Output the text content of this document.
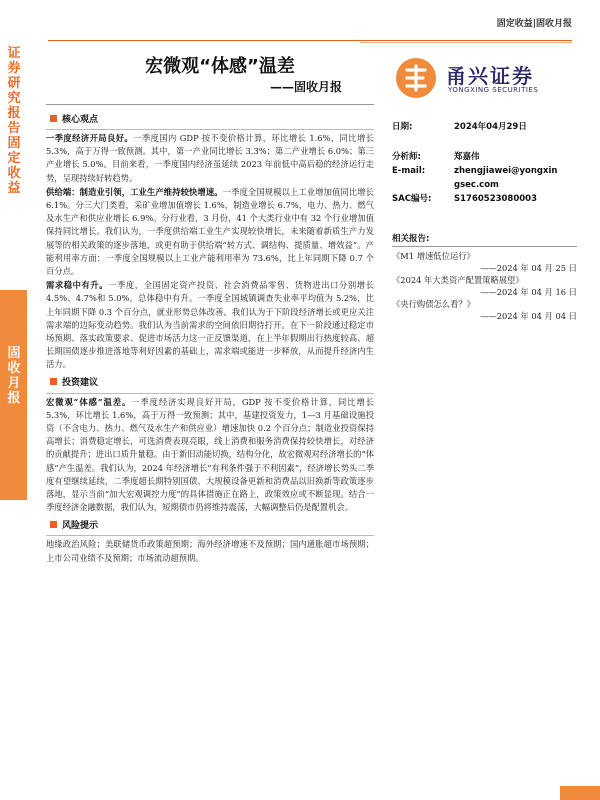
证券研究报告 固定收益
固收月报
固定收益|固收月报
宏微观“体感”温差
——固收月报	甬兴证券
YONGXING SECURITIES
核心观点

一季度经济开局良好。一季度国内 GDP 按不变价格计算，环比增长 1.6%，同比增长 5.3%，高于万得一致预测。其中，第一产业同比增长 3.3%；第二产业增长 6.0%；第三产业增长 5.0%。目前来看，一季度国内经济虽延续 2023 年前低中高后稳的经济运行走势，呈现持续好转趋势。

供给端：制造业引领，工业生产维持较快增速。一季度全国规模以上工业增加值同比增长 6.1%。分三大门类看，采矿业增加值增长 1.6%，制造业增长 6.7%，电力、热力、燃气及水生产和供应业增长 6.9%。分行业看，3 月份，41 个大类行业中有 32 个行业增加值保持同比增长。我们认为，一季度供给端工业生产实现较快增长，未来随着新质生产力发展等的相关政策的逐步落地，或更有助于供给端“转方式、调结构、提质量、增效益”。产能利用率方面：一季度全国规模以上工业产能利用率为 73.6%，比上年同期下降 0.7 个百分点。

需求稳中有升。一季度，全国固定资产投资、社会消费品零售、货物进出口分别增长 4.5%、4.7%和 5.0%，总体稳中有升。一季度全国城镇调查失业率平均值为 5.2%，比上年同期下降 0.3 个百分点，就业形势总体改善。我们认为于下阶段经济增长或更应关注需求端的边际变动趋势。我们认为当前需求的空间依旧期待打开。在下一阶段通过稳定市场预期、落实政策要求、促进市场活力这一正反馈渠道，在上半年假期出行热度较高、超长期国债逐步推进落地等利好因素的基础上，需求端或能进一步释放，从而提升经济内生活力。

投资建议

宏微观“体感”温差。一季度经济实现良好开局，GDP 按不变价格计算，同比增长 5.3%，环比增长 1.6%，高于万得一致预测；其中，基建投资发力，1—3 月基础设施投资（不含电力、热力、燃气及水生产和供应业）增速加快 0.2 个百分点；制造业投资保持高增长；消费稳定增长，可选消费表现亮眼，线上消费和服务消费保持较快增长，对经济的贡献提升；进出口质升量稳。由于新旧动能切换，结构分化，故宏微观对经济增长的“体感”产生温差。我们认为，2024 年经济增长“有利条件强于不利因素”，经济增长势头二季度有望继续延续，二季度超长期特别国债、大规模设备更新和消费品以旧换新等政策逐步落地，显示当前“加大宏观调控力度”的具体措施正在路上，政策效应或不断显现。结合一季度经济金融数据，我们认为，短期债市仍将维持震荡，大幅调整后仍是配置机会。

风险提示

地缘政治风险；美联储货币政策超预期；海外经济增速不及预期；国内通胀超市场预期；上市公司业绩不及预期；市场流动超预期。

日期:	2024年04月29日
分析师:	郑嘉伟
E-mail:	zhengjiawei@yongxin
gsec.com
SAC编号:	S1760523080003
相关报告:
《M1 增速低位运行》
——2024 年 04 月 25 日
《2024 年大类资产配置策略展望》
——2024 年 04 月 16 日
《央行购债怎么看？》
——2024 年 04 月 04 日
